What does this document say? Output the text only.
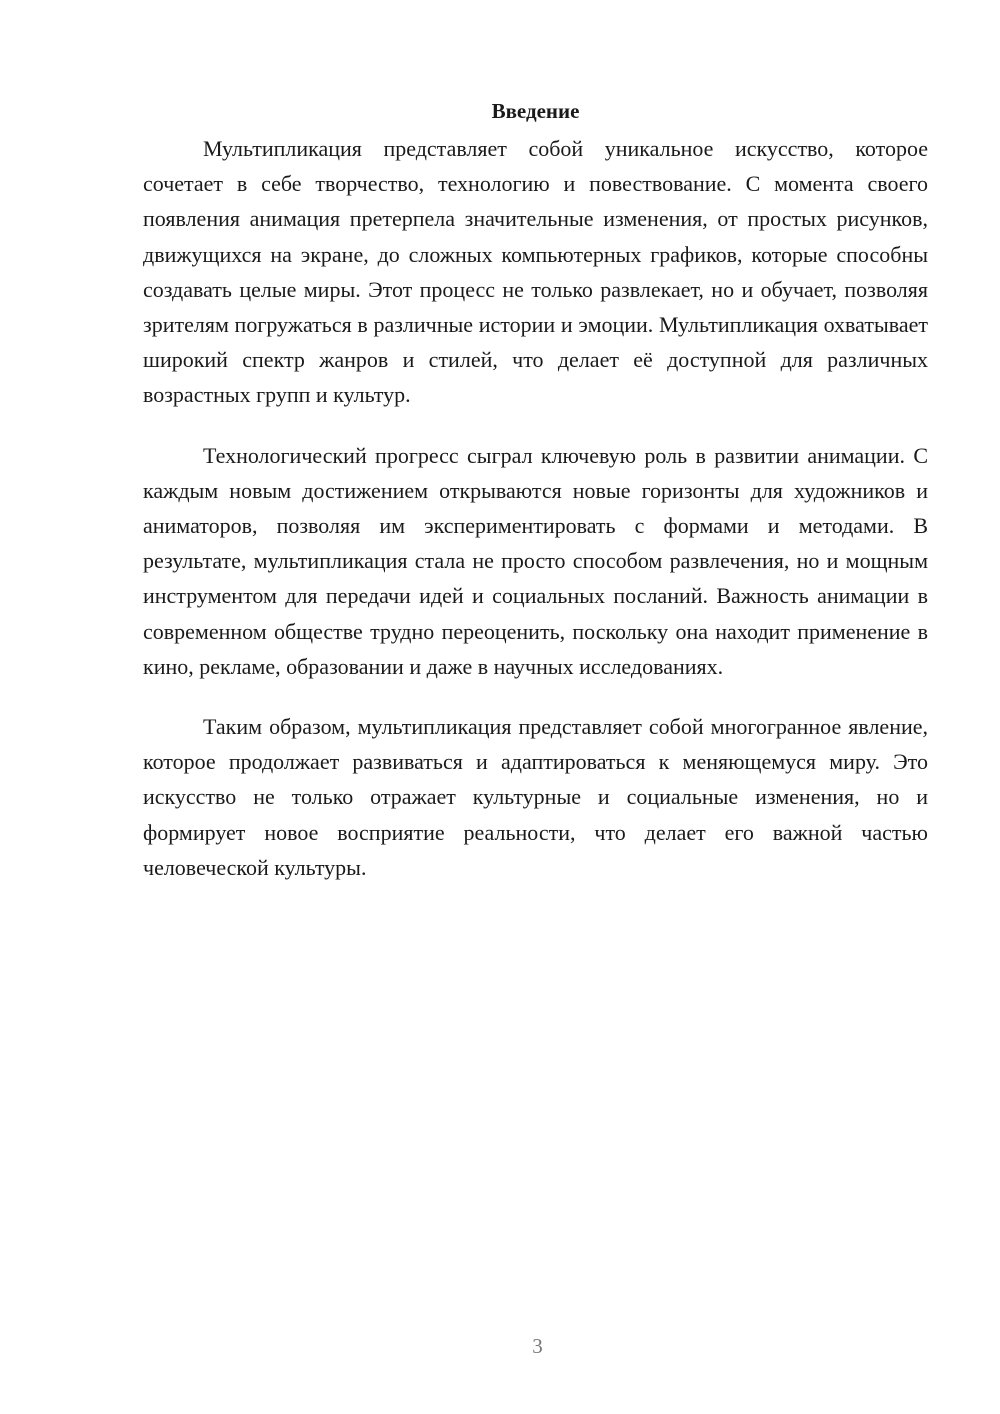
Введение

Мультипликация представляет собой уникальное искусство, которое сочетает в себе творчество, технологию и повествование. С момента своего появления анимация претерпела значительные изменения, от простых рисунков, движущихся на экране, до сложных компьютерных графиков, которые способны создавать целые миры. Этот процесс не только развлекает, но и обучает, позволяя зрителям погружаться в различные истории и эмоции. Мультипликация охватывает широкий спектр жанров и стилей, что делает её доступной для различных возрастных групп и культур.

Технологический прогресс сыграл ключевую роль в развитии анимации. С каждым новым достижением открываются новые горизонты для художников и аниматоров, позволяя им экспериментировать с формами и методами. В результате, мультипликация стала не просто способом развлечения, но и мощным инструментом для передачи идей и социальных посланий. Важность анимации в современном обществе трудно переоценить, поскольку она находит применение в кино, рекламе, образовании и даже в научных исследованиях.

Таким образом, мультипликация представляет собой многогранное явление, которое продолжает развиваться и адаптироваться к меняющемуся миру. Это искусство не только отражает культурные и социальные изменения, но и формирует новое восприятие реальности, что делает его важной частью человеческой культуры.

3
